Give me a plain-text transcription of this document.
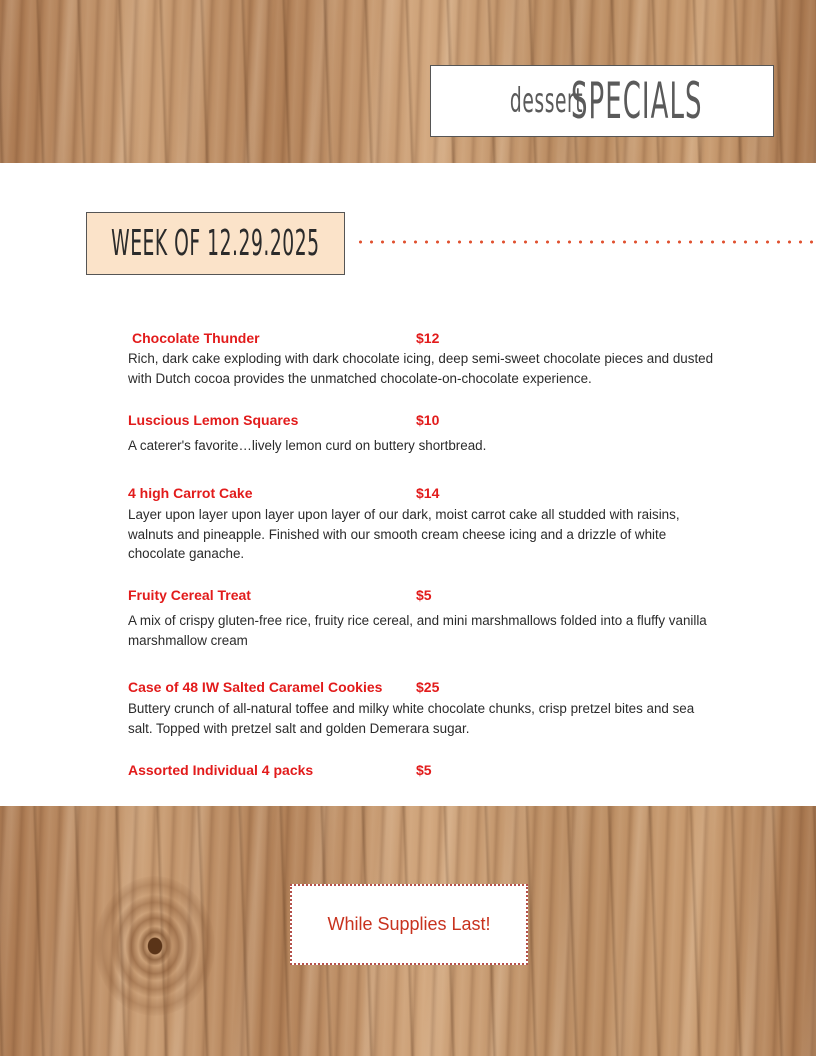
dessert
SPECIALS
WEEK OF 12.29.2025
Chocolate Thunder	$12
Rich, dark cake exploding with dark chocolate icing, deep semi-sweet chocolate pieces and dusted with Dutch cocoa provides the unmatched chocolate-on-chocolate experience.
Luscious Lemon Squares	$10
A caterer's favorite…lively lemon curd on buttery shortbread.
4 high Carrot Cake	$14
Layer upon layer upon layer upon layer of our dark, moist carrot cake all studded with raisins, walnuts and pineapple. Finished with our smooth cream cheese icing and a drizzle of white chocolate ganache.
Fruity Cereal Treat	$5
A mix of crispy gluten-free rice, fruity rice cereal, and mini marshmallows folded into a fluffy vanilla marshmallow cream
Case of 48 IW Salted Caramel Cookies $25
Buttery crunch of all-natural toffee and milky white chocolate chunks, crisp pretzel bites and sea salt. Topped with pretzel salt and golden Demerara sugar.
Assorted Individual 4 packs	$5
While Supplies Last!
